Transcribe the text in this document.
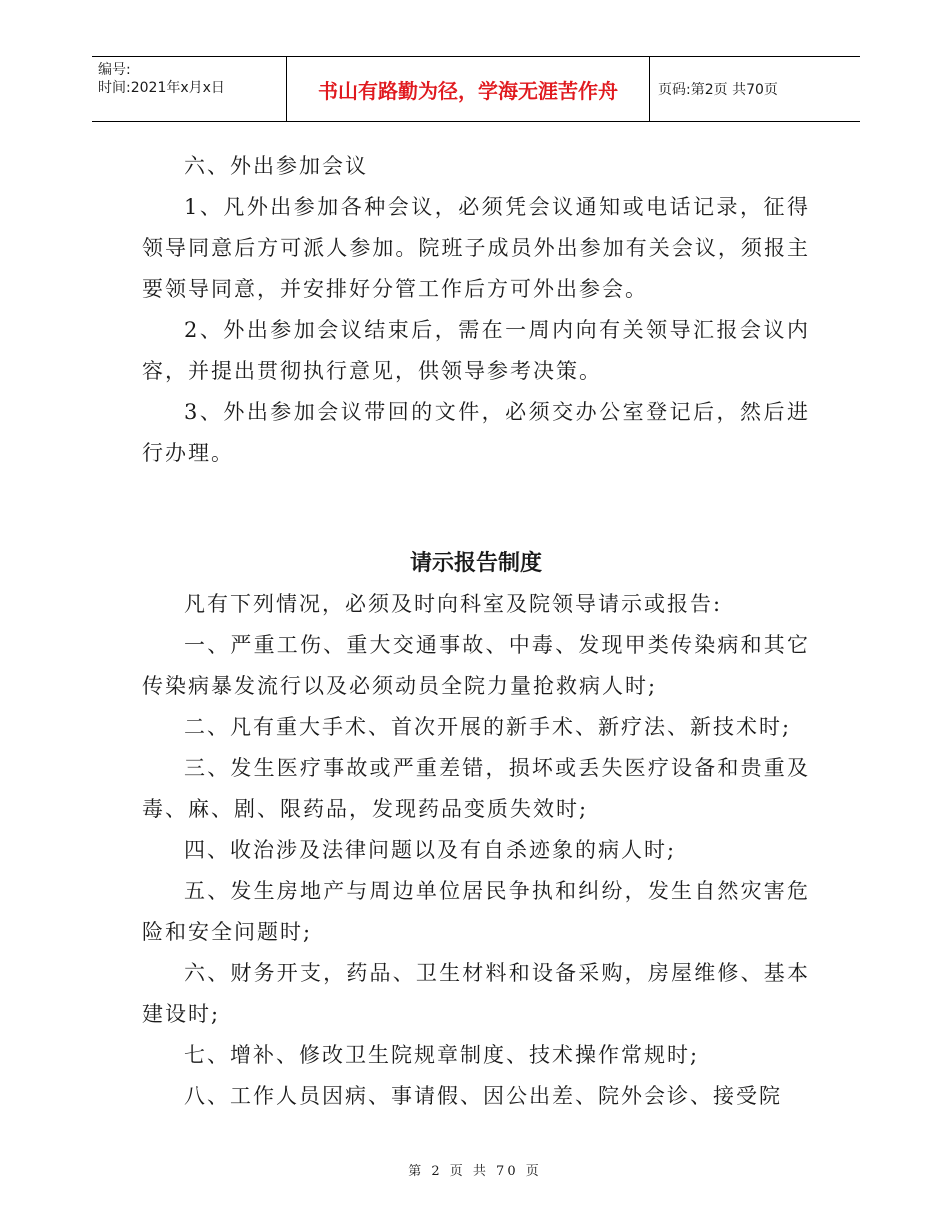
编号:
时间:2021年x月x日	书山有路勤为径，学海无涯苦作舟	页码:第2页 共70页

六、外出参加会议

1、凡外出参加各种会议，必须凭会议通知或电话记录，征得领导同意后方可派人参加。院班子成员外出参加有关会议，须报主要领导同意，并安排好分管工作后方可外出参会。

2、外出参加会议结束后，需在一周内向有关领导汇报会议内容，并提出贯彻执行意见，供领导参考决策。

3、外出参加会议带回的文件，必须交办公室登记后，然后进行办理。

请示报告制度

凡有下列情况，必须及时向科室及院领导请示或报告:

一、严重工伤、重大交通事故、中毒、发现甲类传染病和其它传染病暴发流行以及必须动员全院力量抢救病人时;

二、凡有重大手术、首次开展的新手术、新疗法、新技术时;

三、发生医疗事故或严重差错，损坏或丢失医疗设备和贵重及毒、麻、剧、限药品，发现药品变质失效时;

四、收治涉及法律问题以及有自杀迹象的病人时;

五、发生房地产与周边单位居民争执和纠纷，发生自然灾害危险和安全问题时;

六、财务开支，药品、卫生材料和设备采购，房屋维修、基本建设时;

七、增补、修改卫生院规章制度、技术操作常规时;

八、工作人员因病、事请假、因公出差、院外会诊、接受院

第 2 页 共 70 页
